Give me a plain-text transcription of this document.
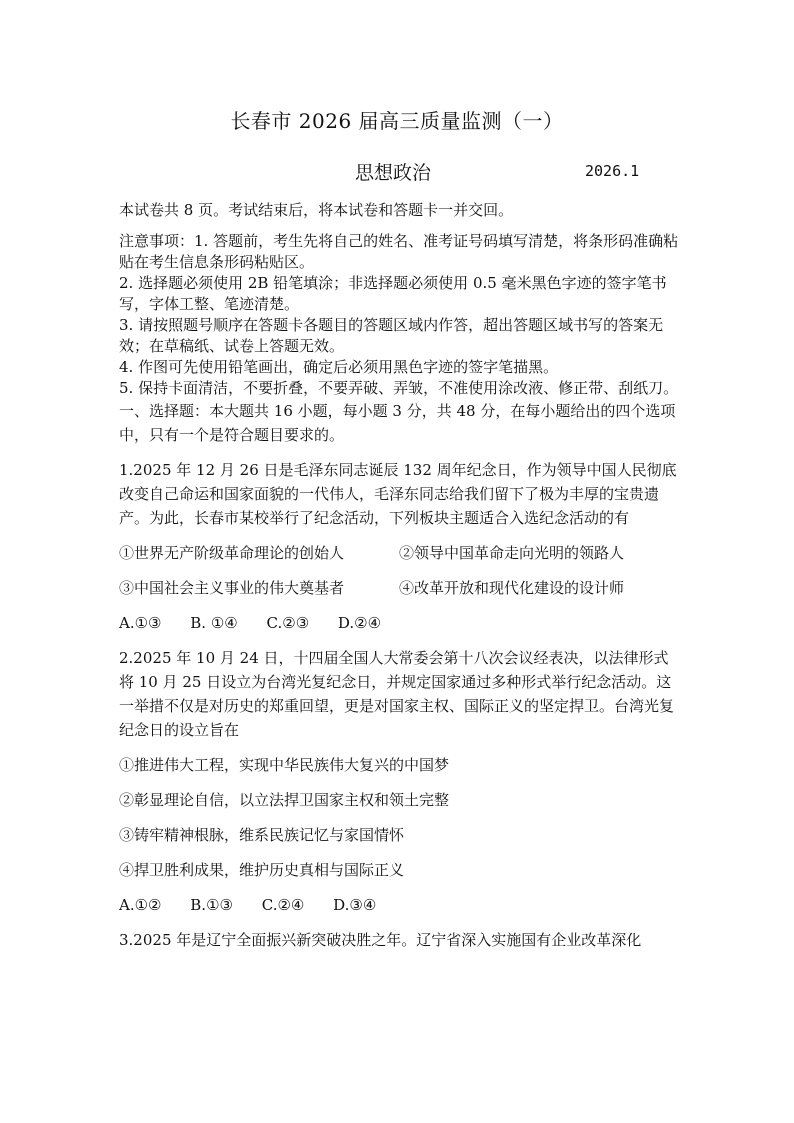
长春市 2026 届高三质量监测（一）
思想政治	2026.1

本试卷共 8 页。考试结束后，将本试卷和答题卡一并交回。

注意事项：1. 答题前，考生先将自己的姓名、准考证号码填写清楚，将条形码准确粘贴在考生信息条形码粘贴区。

2. 选择题必须使用 2B 铅笔填涂；非选择题必须使用 0.5 毫米黑色字迹的签字笔书写，字体工整、笔迹清楚。

3. 请按照题号顺序在答题卡各题目的答题区域内作答，超出答题区域书写的答案无效；在草稿纸、试卷上答题无效。

4. 作图可先使用铅笔画出，确定后必须用黑色字迹的签字笔描黑。

5. 保持卡面清洁，不要折叠，不要弄破、弄皱，不准使用涂改液、修正带、刮纸刀。

一、选择题：本大题共 16 小题，每小题 3 分，共 48 分，在每小题给出的四个选项中，只有一个是符合题目要求的。

1.2025 年 12 月 26 日是毛泽东同志诞辰 132 周年纪念日，作为领导中国人民彻底改变自己命运和国家面貌的一代伟人，毛泽东同志给我们留下了极为丰厚的宝贵遗产。为此，长春市某校举行了纪念活动，下列板块主题适合入选纪念活动的有

①世界无产阶级革命理论的创始人	②领导中国革命走向光明的领路人
③中国社会主义事业的伟大奠基者	④改革开放和现代化建设的设计师
A.①③ B. ①④ C.②③ D.②④

2.2025 年 10 月 24 日，十四届全国人大常委会第十八次会议经表决，以法律形式将 10 月 25 日设立为台湾光复纪念日，并规定国家通过多种形式举行纪念活动。这一举措不仅是对历史的郑重回望，更是对国家主权、国际正义的坚定捍卫。台湾光复纪念日的设立旨在

①推进伟大工程，实现中华民族伟大复兴的中国梦
②彰显理论自信，以立法捍卫国家主权和领土完整
③铸牢精神根脉，维系民族记忆与家国情怀
④捍卫胜利成果，维护历史真相与国际正义
A.①② B.①③ C.②④ D.③④

3.2025 年是辽宁全面振兴新突破决胜之年。辽宁省深入实施国有企业改革深化
